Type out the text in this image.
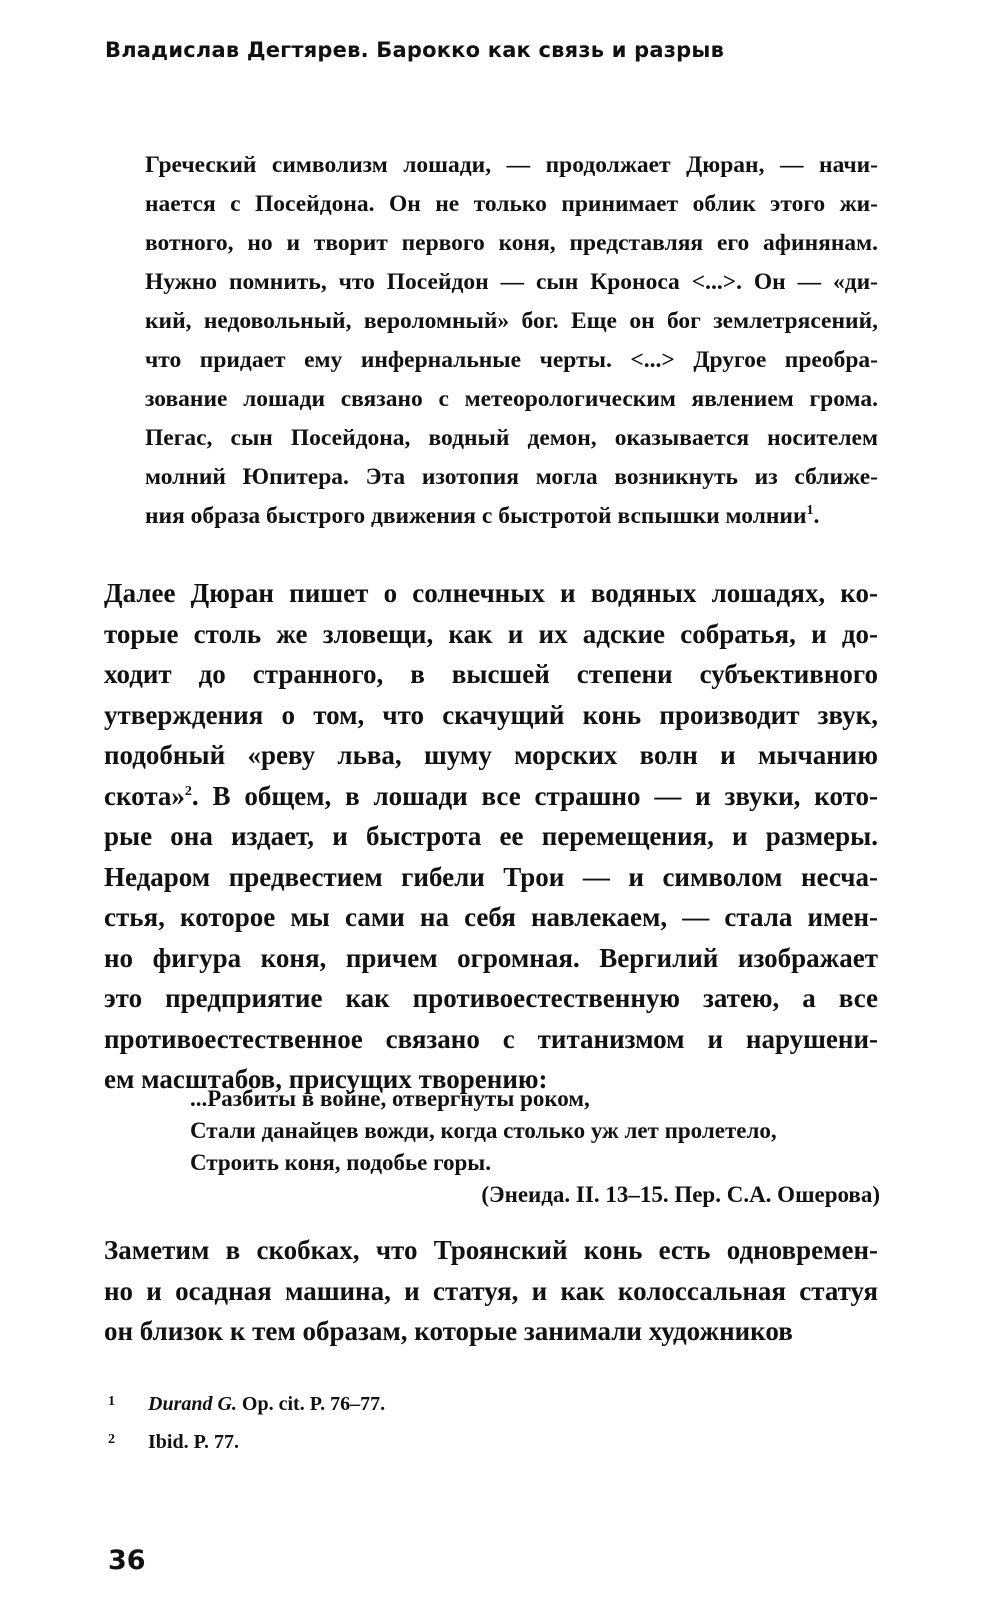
Владислав Дегтярев. Барокко как связь и разрыв
Греческий символизм лошади, — продолжает Дюран, — начи-
нается с Посейдона. Он не только принимает облик этого жи-
вотного, но и творит первого коня, представляя его афинянам.
Нужно помнить, что Посейдон — сын Кроноса <...>. Он — «ди-
кий, недовольный, вероломный» бог. Еще он бог землетрясений,
что придает ему инфернальные черты. <...> Другое преобра-
зование лошади связано с метеорологическим явлением грома.
Пегас, сын Посейдона, водный демон, оказывается носителем
молний Юпитера. Эта изотопия могла возникнуть из сближе-
ния образа быстрого движения с быстротой вспышки молнии$^1$.
Далее Дюран пишет о солнечных и водяных лошадях, ко-
торые столь же зловещи, как и их адские собратья, и до-
ходит до странного, в высшей степени субъективного
утверждения о том, что скачущий конь производит звук,
подобный «реву льва, шуму морских волн и мычанию
скота»$^2$. В общем, в лошади все страшно — и звуки, кото-
рые она издает, и быстрота ее перемещения, и размеры.
Недаром предвестием гибели Трои — и символом несча-
стья, которое мы сами на себя навлекаем, — стала имен-
но фигура коня, причем огромная. Вергилий изображает
это предприятие как противоестественную затею, а все
противоестественное связано с титанизмом и нарушени-
ем масштабов, присущих творению:
...Разбиты в войне, отвергнуты роком,
Стали данайцев вожди, когда столько уж лет пролетело,
Строить коня, подобье горы.
(Энеида. II. 13–15. Пер. С.А. Ошерова)
Заметим в скобках, что Троянский конь есть одновремен-
но и осадная машина, и статуя, и как колоссальная статуя
он близок к тем образам, которые занимали художников
1 Durand G. Op. cit. P. 76–77.
2 Ibid. P. 77.
36
